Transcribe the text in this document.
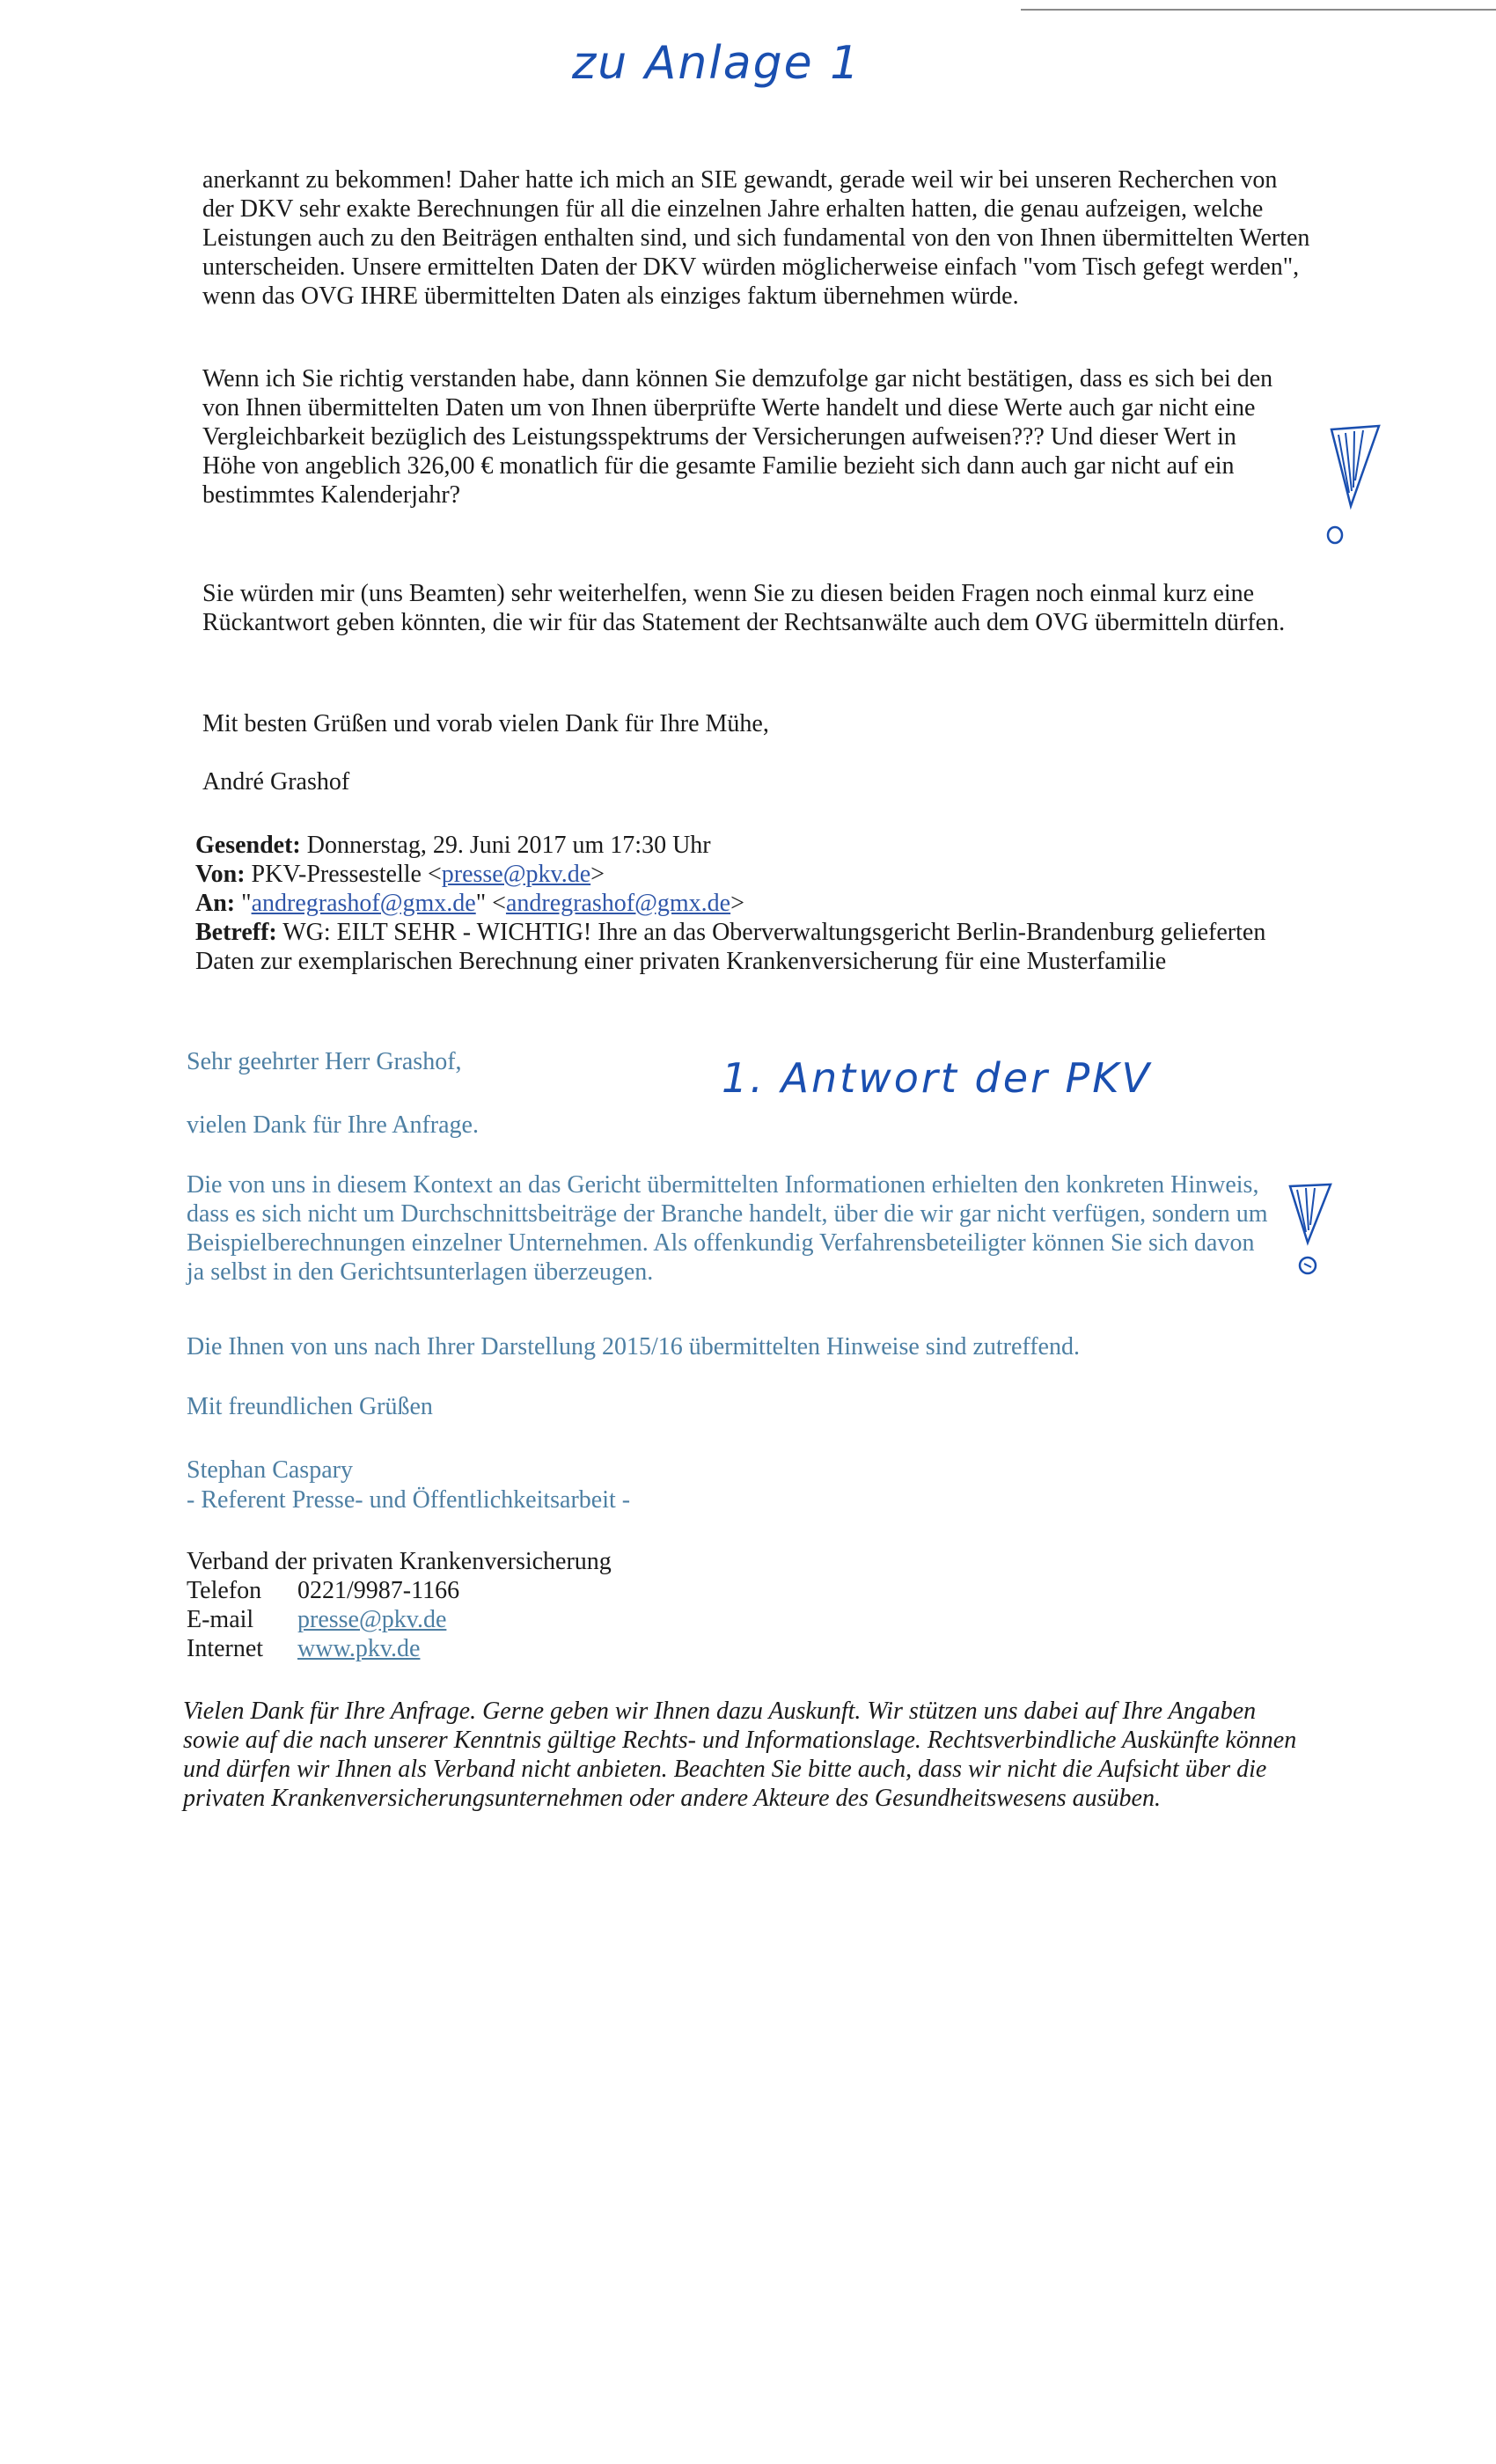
zu Anlage 1

anerkannt zu bekommen! Daher hatte ich mich an SIE gewandt, gerade weil wir bei unseren Recherchen von der DKV sehr exakte Berechnungen für all die einzelnen Jahre erhalten hatten, die genau aufzeigen, welche Leistungen auch zu den Beiträgen enthalten sind, und sich fundamental von den von Ihnen übermittelten Werten unterscheiden. Unsere ermittelten Daten der DKV würden möglicherweise einfach "vom Tisch gefegt werden", wenn das OVG IHRE übermittelten Daten als einziges faktum übernehmen würde.

Wenn ich Sie richtig verstanden habe, dann können Sie demzufolge gar nicht bestätigen, dass es sich bei den von Ihnen übermittelten Daten um von Ihnen überprüfte Werte handelt und diese Werte auch gar nicht eine Vergleichbarkeit bezüglich des Leistungsspektrums der Versicherungen aufweisen??? Und dieser Wert in Höhe von angeblich 326,00 € monatlich für die gesamte Familie bezieht sich dann auch gar nicht auf ein bestimmtes Kalenderjahr?

Sie würden mir (uns Beamten) sehr weiterhelfen, wenn Sie zu diesen beiden Fragen noch einmal kurz eine Rückantwort geben könnten, die wir für das Statement der Rechtsanwälte auch dem OVG übermitteln dürfen.

Mit besten Grüßen und vorab vielen Dank für Ihre Mühe,

André Grashof

Gesendet: Donnerstag, 29. Juni 2017 um 17:30 Uhr
Von: PKV-Pressestelle <presse@pkv.de>
An: "andregrashof@gmx.de" <andregrashof@gmx.de>
Betreff: WG: EILT SEHR - WICHTIG! Ihre an das Oberverwaltungsgericht Berlin-Brandenburg gelieferten Daten zur exemplarischen Berechnung einer privaten Krankenversicherung für eine Musterfamilie
1. Antwort der PKV

Sehr geehrter Herr Grashof,

vielen Dank für Ihre Anfrage.

Die von uns in diesem Kontext an das Gericht übermittelten Informationen erhielten den konkreten Hinweis, dass es sich nicht um Durchschnittsbeiträge der Branche handelt, über die wir gar nicht verfügen, sondern um Beispielberechnungen einzelner Unternehmen. Als offenkundig Verfahrensbeteiligter können Sie sich davon ja selbst in den Gerichtsunterlagen überzeugen.

Die Ihnen von uns nach Ihrer Darstellung 2015/16 übermittelten Hinweise sind zutreffend.

Mit freundlichen Grüßen

Stephan Caspary

- Referent Presse- und Öffentlichkeitsarbeit -

Verband der privaten Krankenversicherung
Telefon	0221/9987-1166
E-mail	presse@pkv.de
Internet	www.pkv.de

Vielen Dank für Ihre Anfrage. Gerne geben wir Ihnen dazu Auskunft. Wir stützen uns dabei auf Ihre Angaben sowie auf die nach unserer Kenntnis gültige Rechts- und Informationslage. Rechtsverbindliche Auskünfte können und dürfen wir Ihnen als Verband nicht anbieten. Beachten Sie bitte auch, dass wir nicht die Aufsicht über die privaten Krankenversicherungsunternehmen oder andere Akteure des Gesundheitswesens ausüben.
